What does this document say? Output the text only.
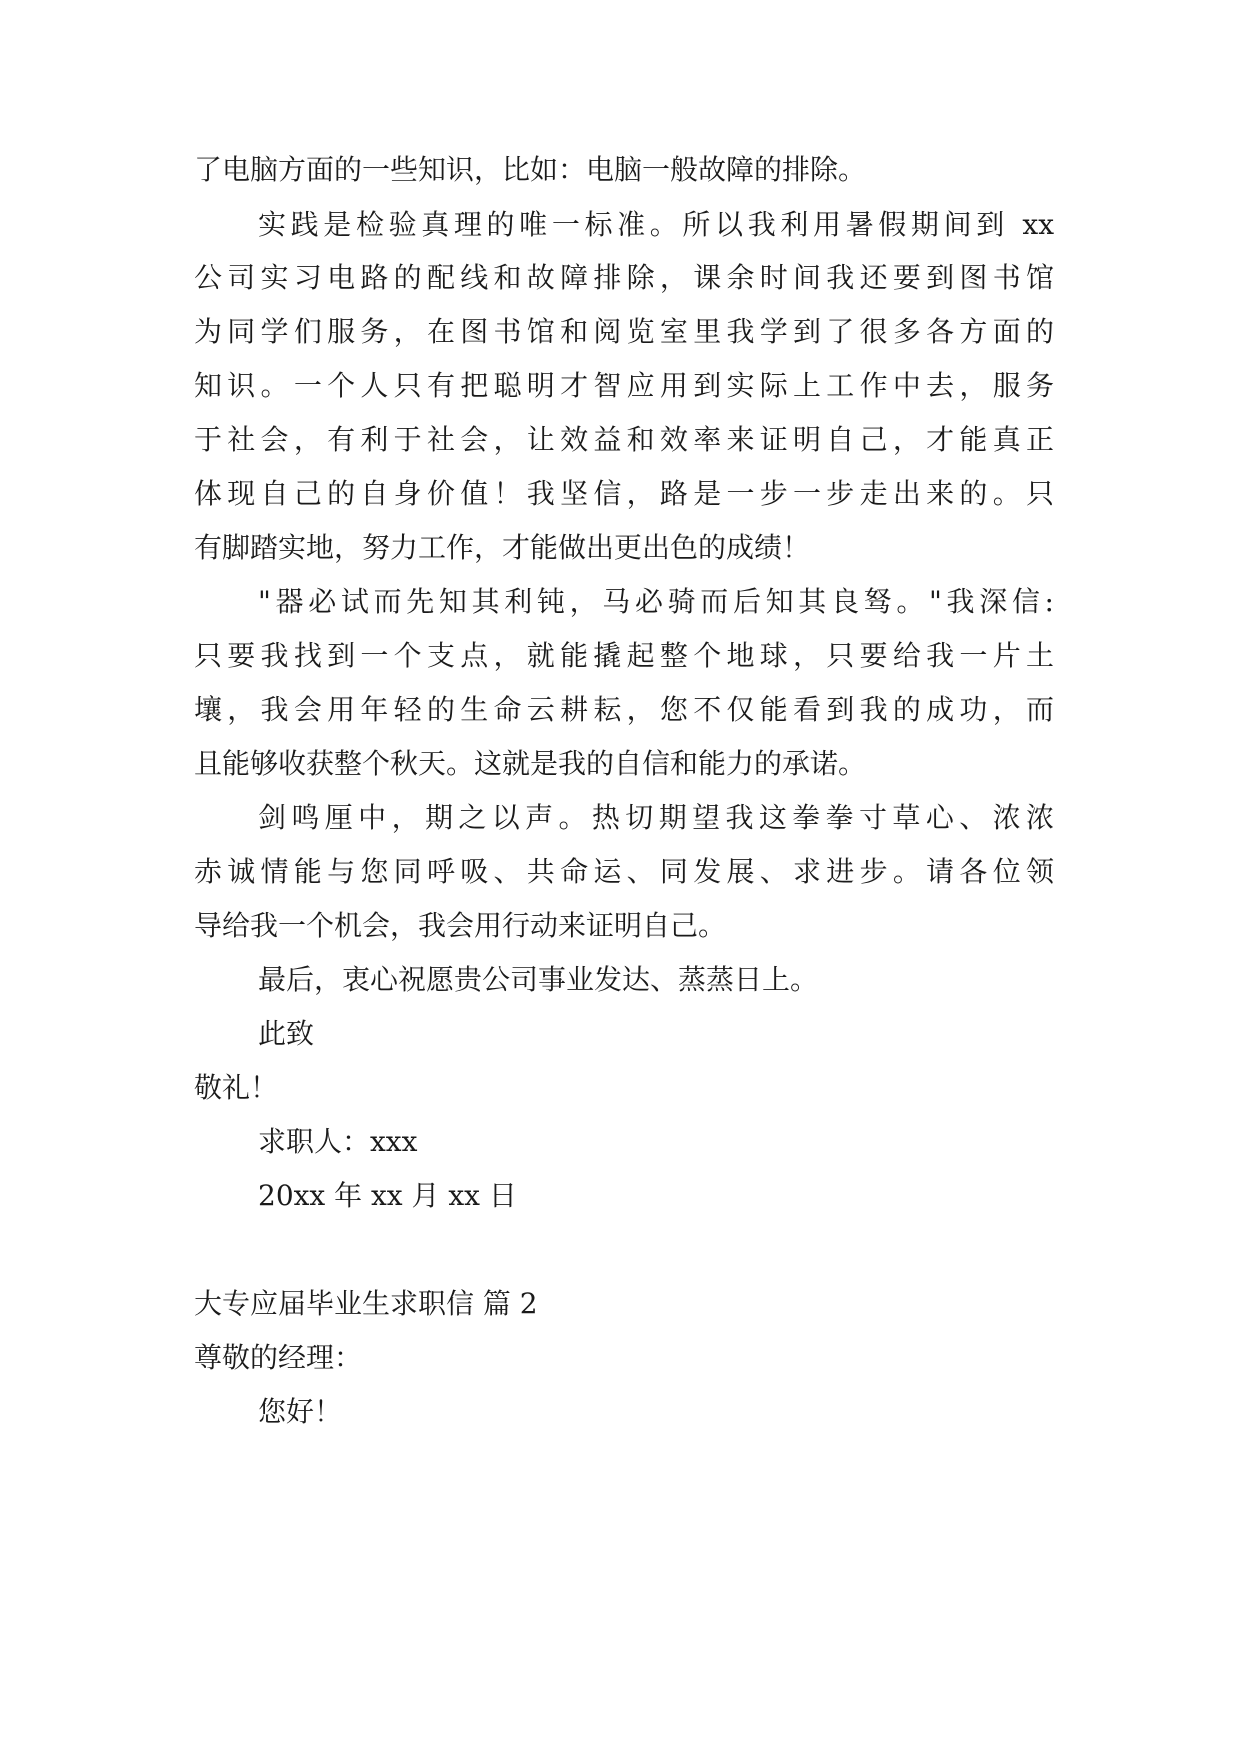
了电脑方面的一些知识，比如：电脑一般故障的排除。
实践是检验真理的唯一标准。所以我利用暑假期间到 xx
公司实习电路的配线和故障排除，课余时间我还要到图书馆
为同学们服务，在图书馆和阅览室里我学到了很多各方面的
知识。一个人只有把聪明才智应用到实际上工作中去，服务
于社会，有利于社会，让效益和效率来证明自己，才能真正
体现自己的自身价值！我坚信，路是一步一步走出来的。只
有脚踏实地，努力工作，才能做出更出色的成绩！
"器必试而先知其利钝，马必骑而后知其良驽。"我深信:
只要我找到一个支点，就能撬起整个地球，只要给我一片土
壤，我会用年轻的生命云耕耘，您不仅能看到我的成功，而
且能够收获整个秋天。这就是我的自信和能力的承诺。
剑鸣厘中，期之以声。热切期望我这拳拳寸草心、浓浓
赤诚情能与您同呼吸、共命运、同发展、求进步。请各位领
导给我一个机会，我会用行动来证明自己。
最后，衷心祝愿贵公司事业发达、蒸蒸日上。
此致
敬礼！
求职人：xxx
20xx 年 xx 月 xx 日
大专应届毕业生求职信 篇 2
尊敬的经理：
您好！
